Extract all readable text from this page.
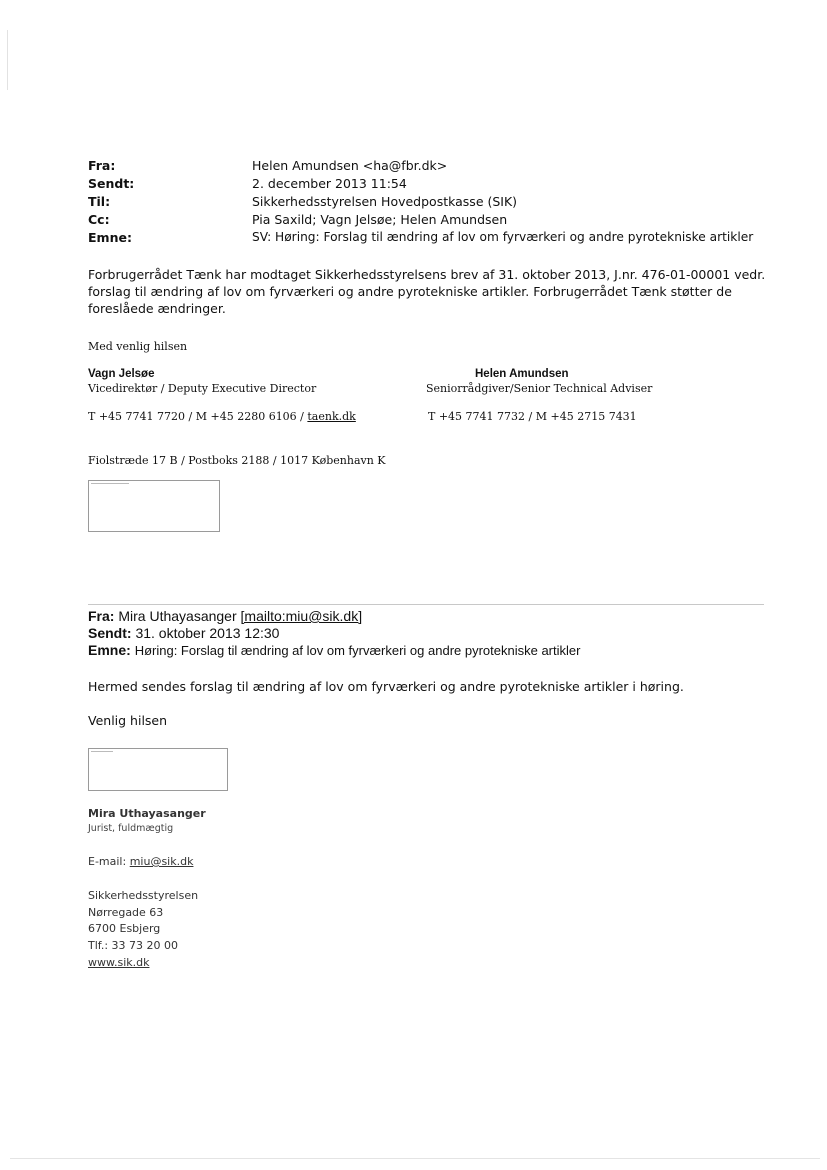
Fra:	Helen Amundsen <ha@fbr.dk>
Sendt:	2. december 2013 11:54
Til:	Sikkerhedsstyrelsen Hovedpostkasse (SIK)
Cc:	Pia Saxild; Vagn Jelsøe; Helen Amundsen
Emne:	SV: Høring: Forslag til ændring af lov om fyrværkeri og andre pyrotekniske artikler
Forbrugerrådet Tænk har modtaget Sikkerhedsstyrelsens brev af 31. oktober 2013, J.nr. 476-01-00001 vedr. forslag til ændring af lov om fyrværkeri og andre pyrotekniske artikler. Forbrugerrådet Tænk støtter de foreslåede ændringer.
Med venlig hilsen
Vagn Jelsøe
Vicedirektør / Deputy Executive Director
T +45 7741 7720 / M +45 2280 6106 / taenk.dk
Helen Amundsen
Seniorrådgiver/Senior Technical Adviser
T +45 7741 7732 / M +45 2715 7431
Fiolstræde 17 B / Postboks 2188 / 1017 København K
Fra: Mira Uthayasanger [mailto:miu@sik.dk]
Sendt: 31. oktober 2013 12:30
Emne: Høring: Forslag til ændring af lov om fyrværkeri og andre pyrotekniske artikler
Hermed sendes forslag til ændring af lov om fyrværkeri og andre pyrotekniske artikler i høring.
Venlig hilsen
Mira Uthayasanger
Jurist, fuldmægtig
E-mail: miu@sik.dk
Sikkerhedsstyrelsen
Nørregade 63
6700 Esbjerg
Tlf.: 33 73 20 00
www.sik.dk
